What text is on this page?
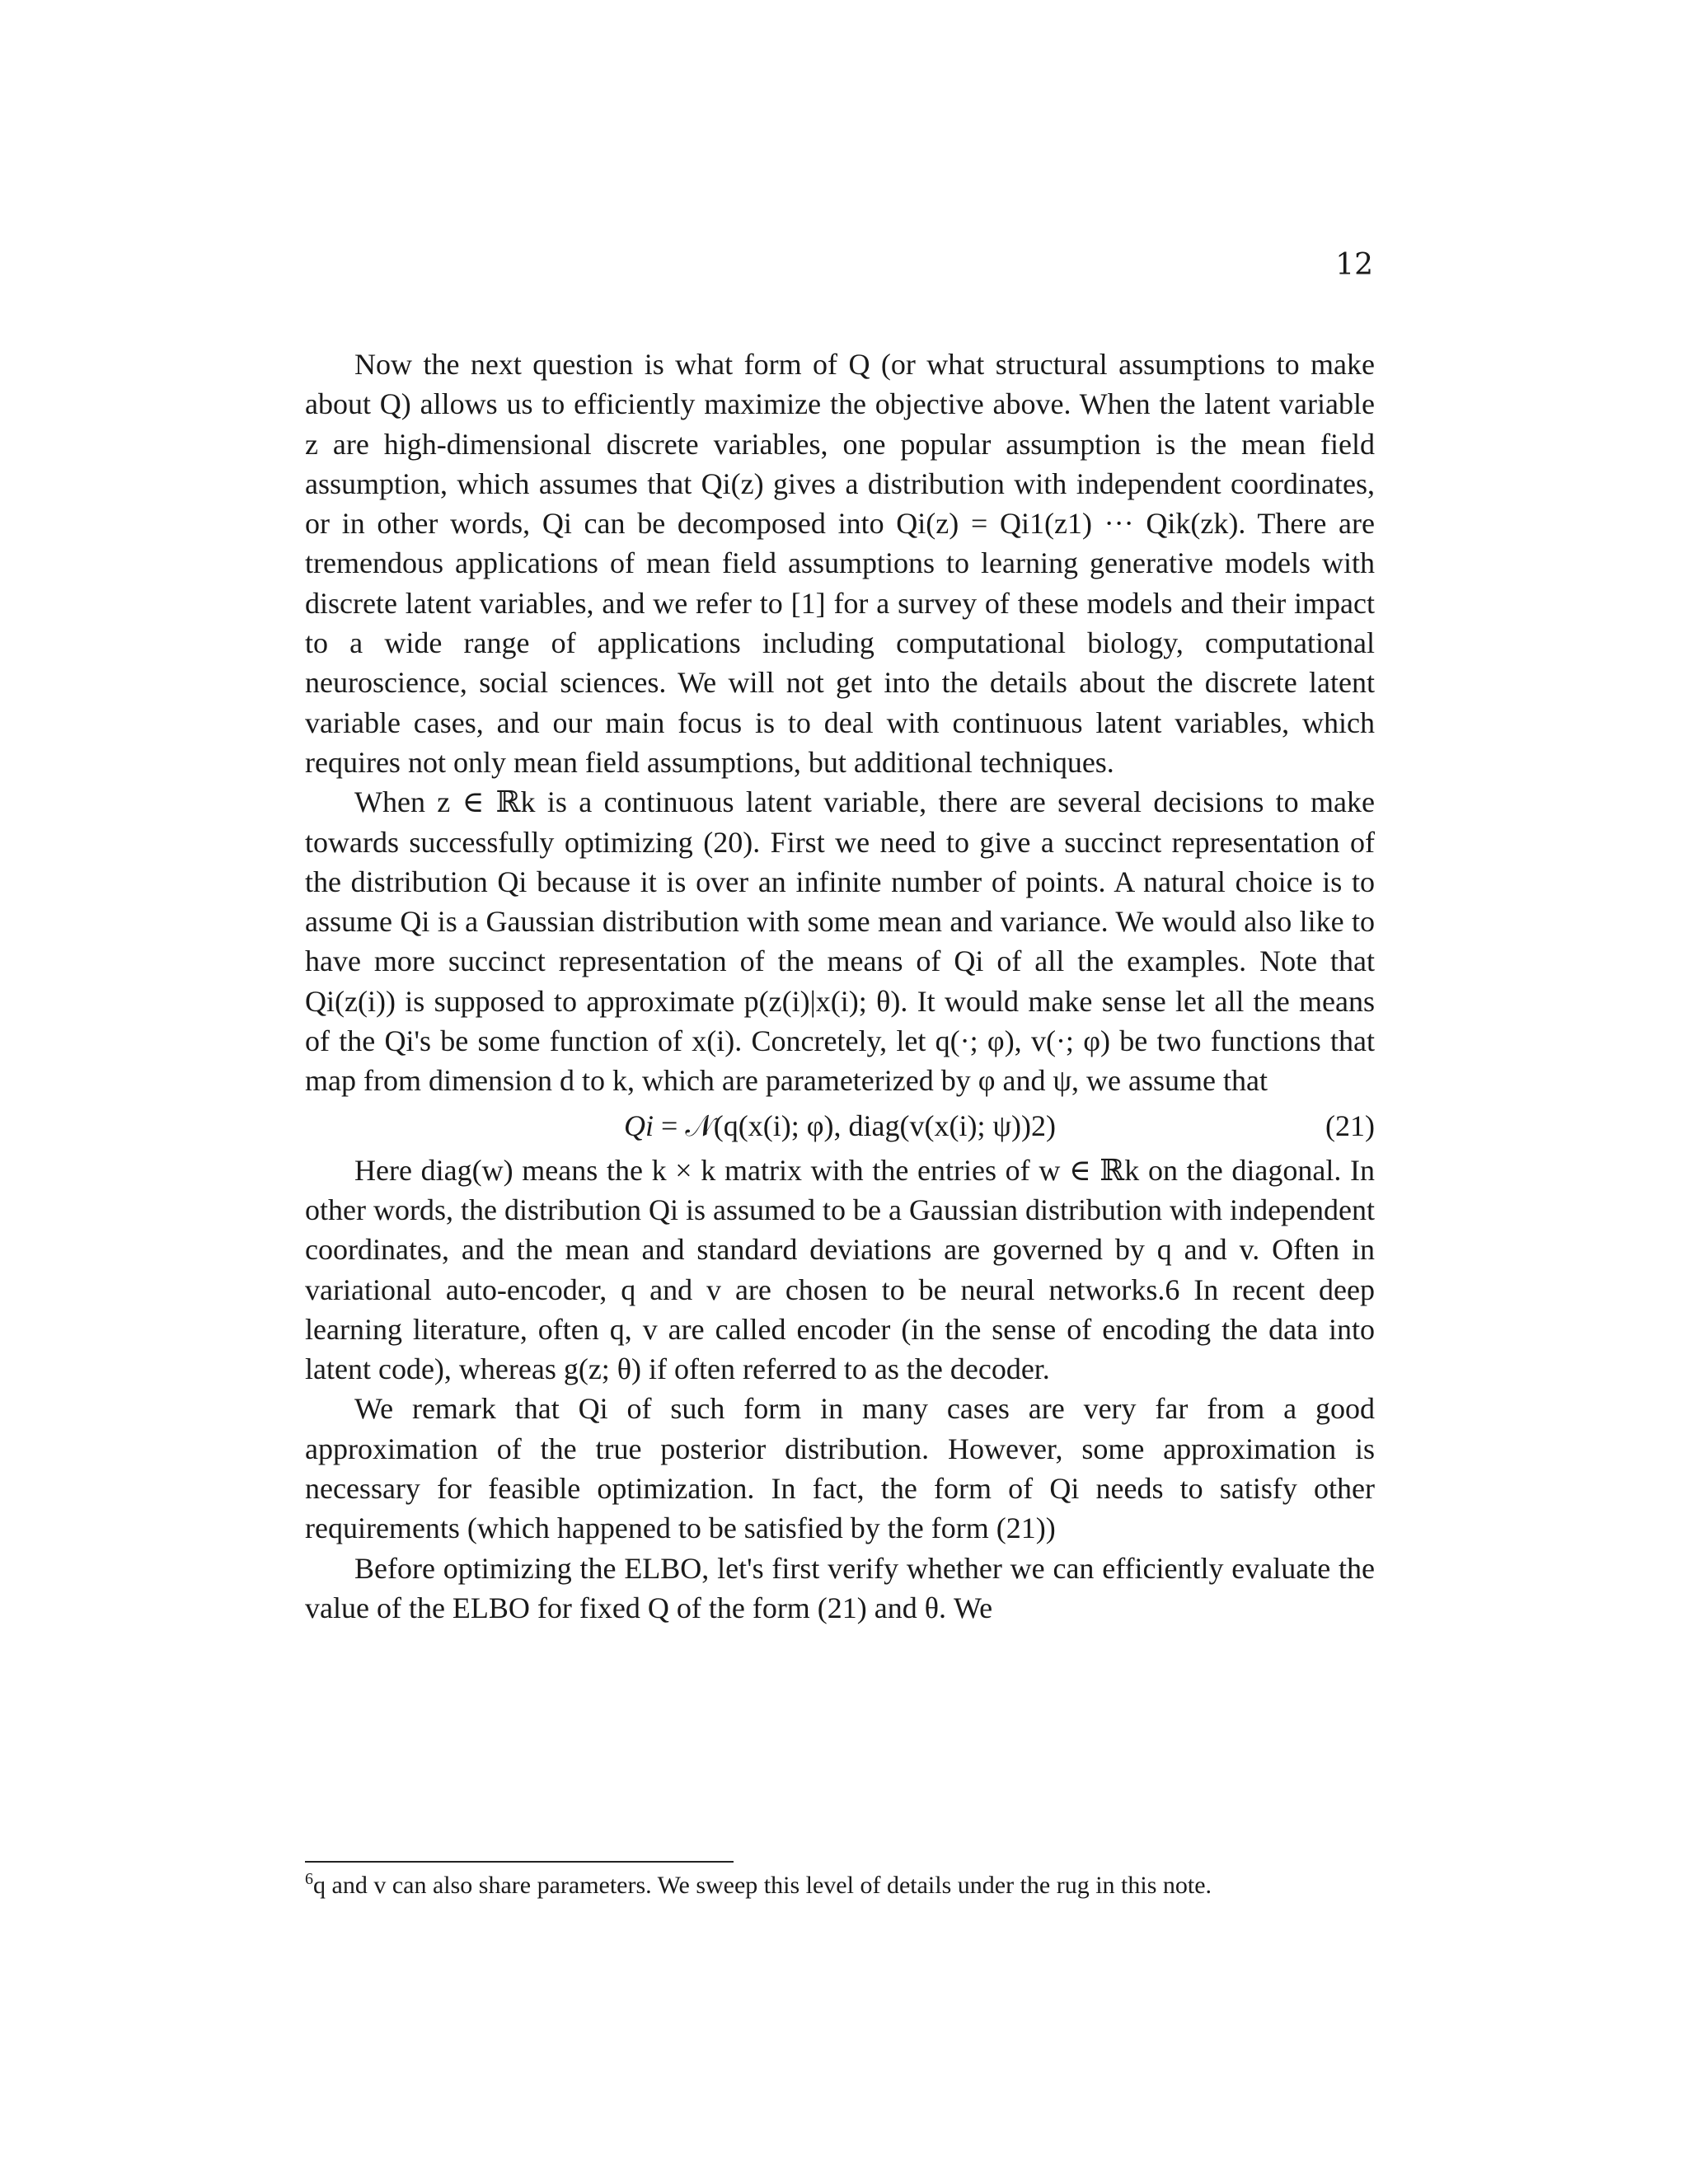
12

Now the next question is what form of Q (or what structural assumptions to make about Q) allows us to efficiently maximize the objective above. When the latent variable z are high-dimensional discrete variables, one popular assumption is the mean field assumption, which assumes that Qi(z) gives a distribution with independent coordinates, or in other words, Qi can be decomposed into Qi(z) = Qi1(z1) ··· Qik(zk). There are tremendous applications of mean field assumptions to learning generative models with discrete latent variables, and we refer to [1] for a survey of these models and their impact to a wide range of applications including computational biology, computational neuroscience, social sciences. We will not get into the details about the discrete latent variable cases, and our main focus is to deal with continuous latent variables, which requires not only mean field assumptions, but additional techniques.

When z ∈ ℝk is a continuous latent variable, there are several decisions to make towards successfully optimizing (20). First we need to give a succinct representation of the distribution Qi because it is over an infinite number of points. A natural choice is to assume Qi is a Gaussian distribution with some mean and variance. We would also like to have more succinct representation of the means of Qi of all the examples. Note that Qi(z(i)) is supposed to approximate p(z(i)|x(i); θ). It would make sense let all the means of the Qi's be some function of x(i). Concretely, let q(·; φ), v(·; φ) be two functions that map from dimension d to k, which are parameterized by φ and ψ, we assume that

Qi = 𝒩(q(x(i); φ), diag(v(x(i); ψ))2)	(21)

Here diag(w) means the k × k matrix with the entries of w ∈ ℝk on the diagonal. In other words, the distribution Qi is assumed to be a Gaussian distribution with independent coordinates, and the mean and standard deviations are governed by q and v. Often in variational auto-encoder, q and v are chosen to be neural networks.6 In recent deep learning literature, often q, v are called encoder (in the sense of encoding the data into latent code), whereas g(z; θ) if often referred to as the decoder.

We remark that Qi of such form in many cases are very far from a good approximation of the true posterior distribution. However, some approximation is necessary for feasible optimization. In fact, the form of Qi needs to satisfy other requirements (which happened to be satisfied by the form (21))

Before optimizing the ELBO, let's first verify whether we can efficiently evaluate the value of the ELBO for fixed Q of the form (21) and θ. We

$^6$q and v can also share parameters. We sweep this level of details under the rug in this note.
